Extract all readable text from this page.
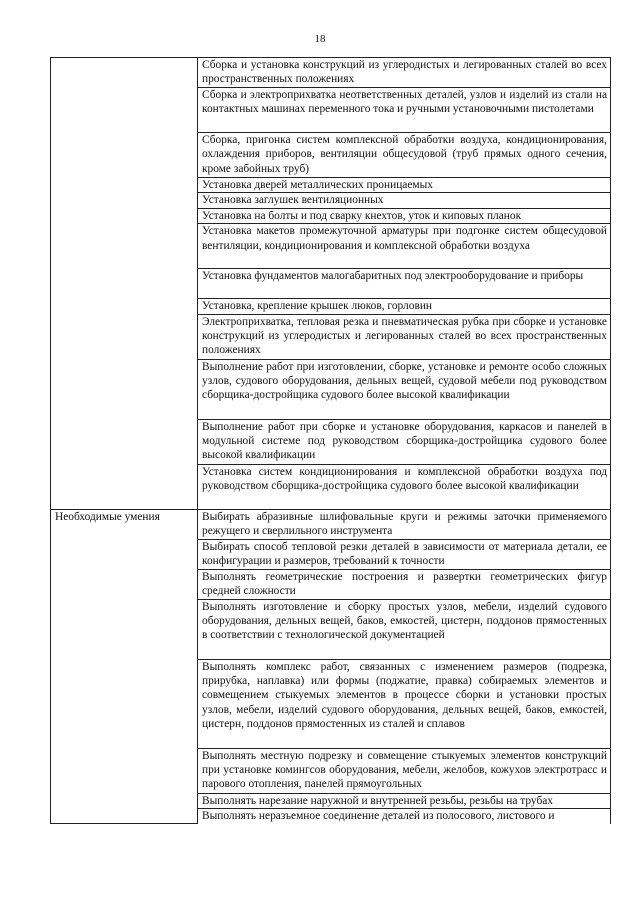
18
	Сборка и установка конструкций из углеродистых и легированных сталей во всех пространственных положениях
	Сборка и электроприхватка неответственных деталей, узлов и изделий из стали на контактных машинах переменного тока и ручными установочными пистолетами
	Сборка, пригонка систем комплексной обработки воздуха, кондиционирования, охлаждения приборов, вентиляции общесудовой (труб прямых одного сечения, кроме забойных труб)
	Установка дверей металлических проницаемых
	Установка заглушек вентиляционных
	Установка на болты и под сварку кнехтов, уток и киповых планок
	Установка макетов промежуточной арматуры при подгонке систем общесудовой вентиляции, кондиционирования и комплексной обработки воздуха
	Установка фундаментов малогабаритных под электрооборудование и приборы
	Установка, крепление крышек люков, горловин
	Электроприхватка, тепловая резка и пневматическая рубка при сборке и установке конструкций из углеродистых и легированных сталей во всех пространственных положениях
	Выполнение работ при изготовлении, сборке, установке и ремонте особо сложных узлов, судового оборудования, дельных вещей, судовой мебели под руководством сборщика-достройщика судового более высокой квалификации
	Выполнение работ при сборке и установке оборудования, каркасов и панелей в модульной системе под руководством сборщика-достройщика судового более высокой квалификации
	Установка систем кондиционирования и комплексной обработки воздуха под руководством сборщика-достройщика судового более высокой квалификации
Необходимые умения	Выбирать абразивные шлифовальные круги и режимы заточки применяемого режущего и сверлильного инструмента
	Выбирать способ тепловой резки деталей в зависимости от материала детали, ее конфигурации и размеров, требований к точности
	Выполнять геометрические построения и развертки геометрических фигур средней сложности
	Выполнять изготовление и сборку простых узлов, мебели, изделий судового оборудования, дельных вещей, баков, емкостей, цистерн, поддонов прямостенных в соответствии с технологической документацией
	Выполнять комплекс работ, связанных с изменением размеров (подрезка, прирубка, наплавка) или формы (поджатие, правка) собираемых элементов и совмещением стыкуемых элементов в процессе сборки и установки простых узлов, мебели, изделий судового оборудования, дельных вещей, баков, емкостей, цистерн, поддонов прямостенных из сталей и сплавов
	Выполнять местную подрезку и совмещение стыкуемых элементов конструкций при установке комингсов оборудования, мебели, желобов, кожухов электротрасс и парового отопления, панелей прямоугольных
	Выполнять нарезание наружной и внутренней резьбы, резьбы на трубах
	Выполнять неразъемное соединение деталей из полосового, листового и
